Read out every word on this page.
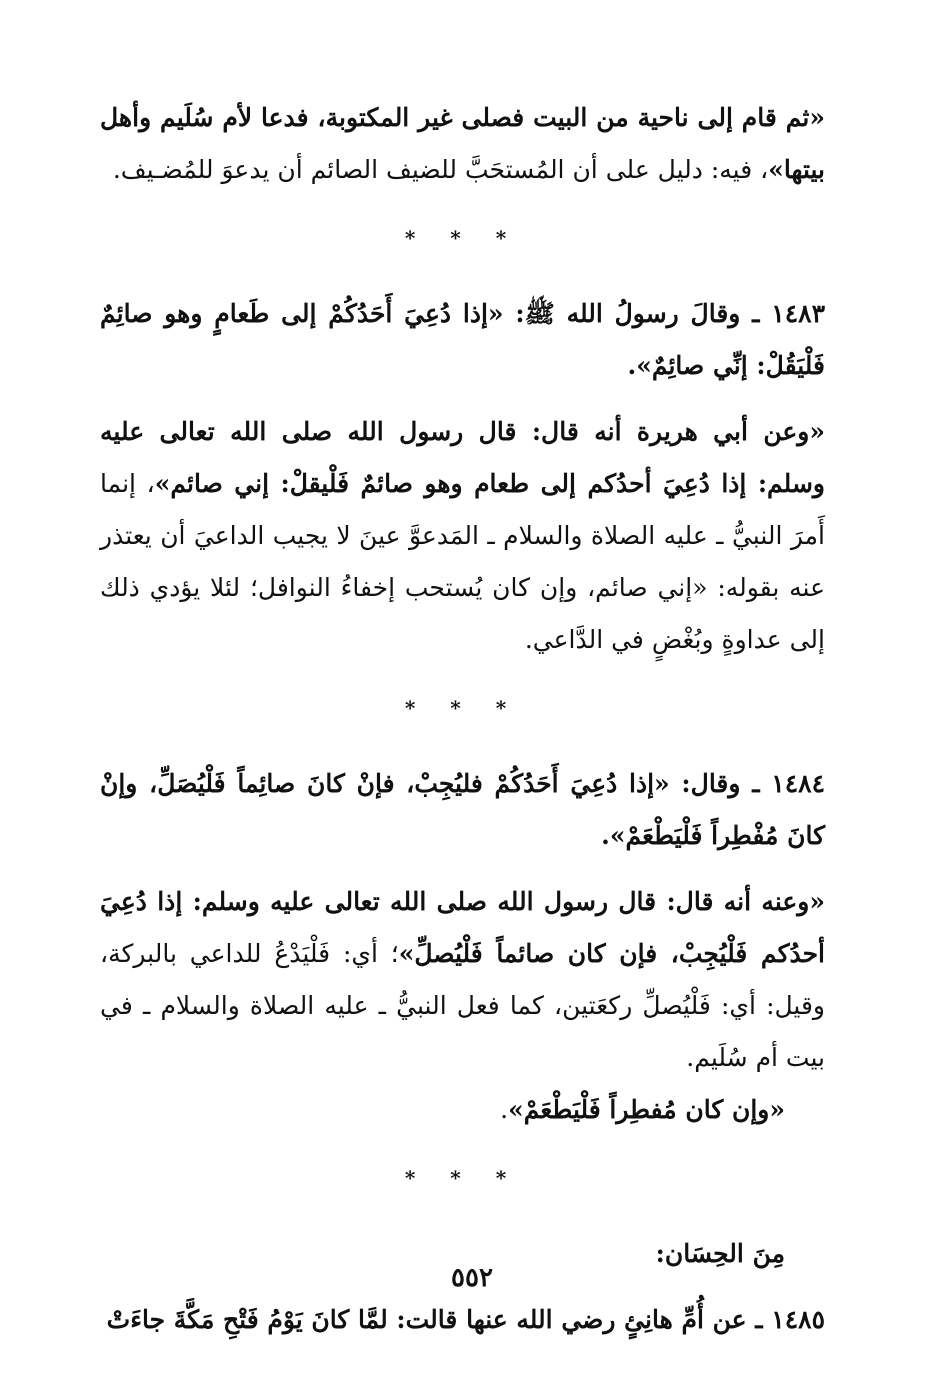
«ثم قام إلى ناحية من البيت فصلى غير المكتوبة، فدعا لأم سُلَيم وأهل بيتها»، فيه: دليل على أن المُستحَبَّ للضيف الصائم أن يدعوَ للمُضـيف.

* * *

١٤٨٣ ـ وقالَ رسولُ الله ﷺ: «إذا دُعِيَ أَحَدُكُمْ إلى طَعامٍ وهو صائِمٌ فَلْيَقُلْ: إنِّي صائِمٌ».

«وعن أبي هريرة أنه قال: قال رسول الله صلى الله تعالى عليه وسلم: إذا دُعِيَ أحدُكم إلى طعام وهو صائمٌ فَلْيقلْ: إني صائم»، إنما أَمرَ النبيُّ ـ عليه الصلاة والسلام ـ المَدعوَّ عينَ لا يجيب الداعيَ أن يعتذر عنه بقوله: «إني صائم، وإن كان يُستحب إخفاءُ النوافل؛ لئلا يؤدي ذلك إلى عداوةٍ وبُغْضٍ في الدَّاعي.

* * *

١٤٨٤ ـ وقال: «إذا دُعِيَ أَحَدُكُمْ فليُجِبْ، فإنْ كانَ صائِماً فَلْيُصَلِّ، وإنْ كانَ مُفْطِراً فَلْيَطْعَمْ».

«وعنه أنه قال: قال رسول الله صلى الله تعالى عليه وسلم: إذا دُعِيَ أحدُكم فَلْيُجِبْ، فإن كان صائماً فَلْيُصلِّ»؛ أي: فَلْيَدْعُ للداعي بالبركة، وقيل: أي: فَلْيُصلِّ ركعَتين، كما فعل النبيُّ ـ عليه الصلاة والسلام ـ في بيت أم سُلَيم.

«وإن كان مُفطِراً فَلْيَطْعَمْ».

* * *

مِنَ الحِسَان:

١٤٨٥ ـ عن أُمِّ هانِئٍ رضي الله عنها قالت: لمَّا كانَ يَوْمُ فَتْحِ مَكَّةَ جاءَتْ

٥٥٢
